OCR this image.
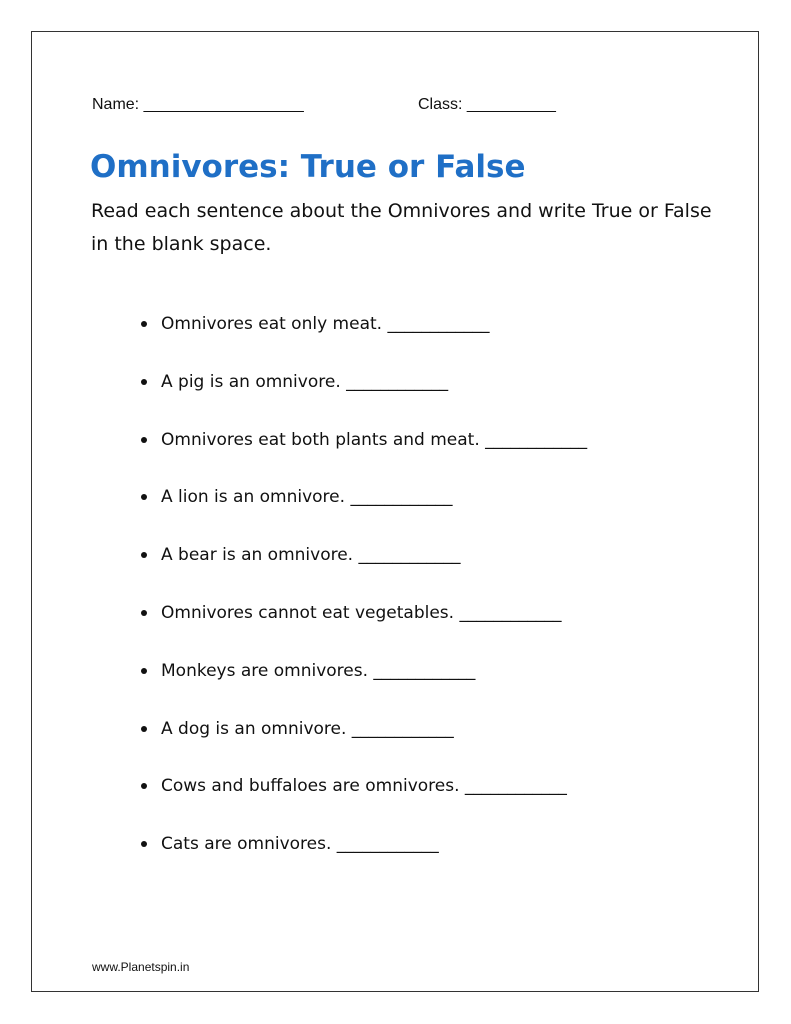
Name: __________________	Class: __________
Omnivores: True or False

Read each sentence about the Omnivores and write True or False in the blank space.

Omnivores eat only meat. ____________
A pig is an omnivore. ____________
Omnivores eat both plants and meat. ____________
A lion is an omnivore. ____________
A bear is an omnivore. ____________
Omnivores cannot eat vegetables. ____________
Monkeys are omnivores. ____________
A dog is an omnivore. ____________
Cows and buffaloes are omnivores. ____________
Cats are omnivores. ____________
www.Planetspin.in
